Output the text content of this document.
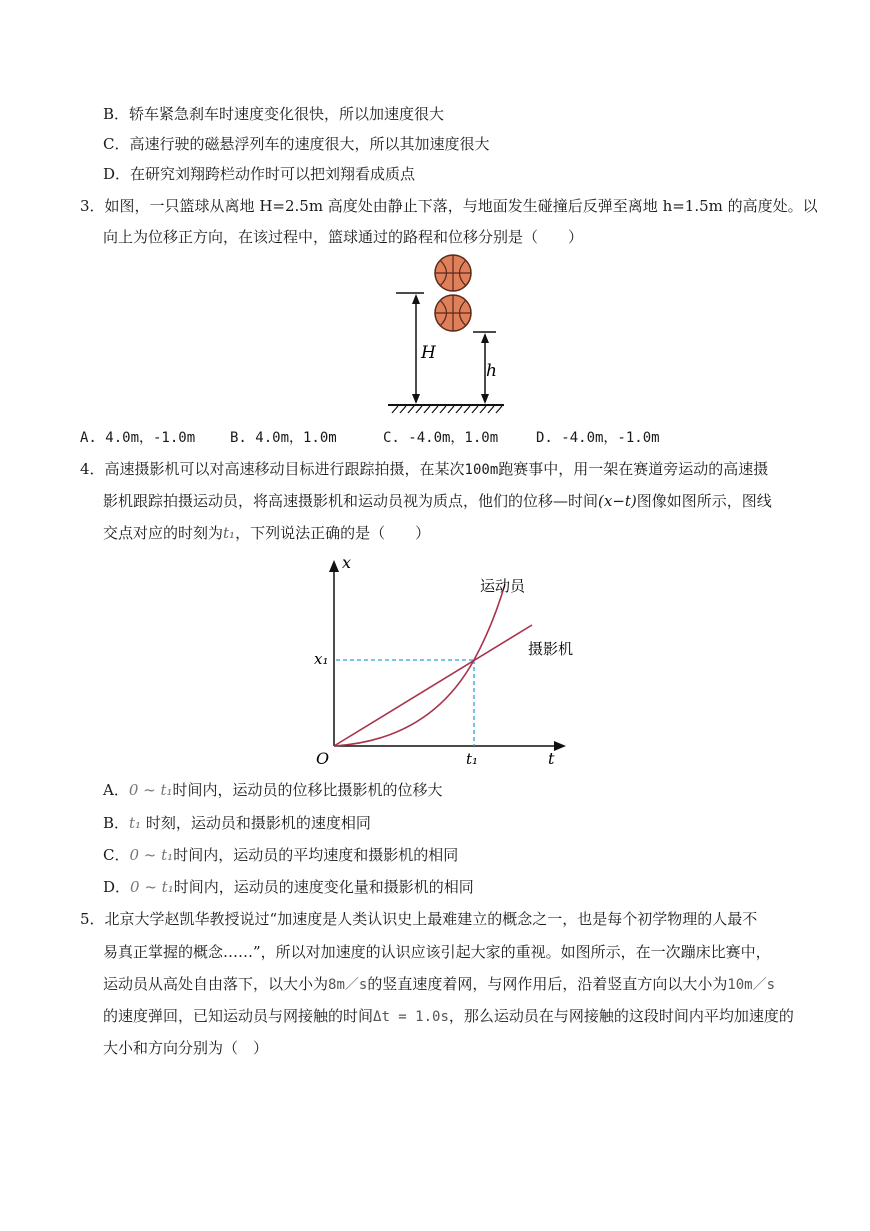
B．轿车紧急刹车时速度变化很快，所以加速度很大
C．高速行驶的磁悬浮列车的速度很大，所以其加速度很大
D．在研究刘翔跨栏动作时可以把刘翔看成质点
3．如图，一只篮球从离地 H=2.5m 高度处由静止下落，与地面发生碰撞后反弹至离地 h=1.5m 的高度处。以
向上为位移正方向，在该过程中，篮球通过的路程和位移分别是（　　）
H
h
A. 4.0m，-1.0m B. 4.0m，1.0m	C. -4.0m，1.0m	D. -4.0m，-1.0m
4．高速摄影机可以对高速移动目标进行跟踪拍摄，在某次100m跑赛事中，用一架在赛道旁运动的高速摄
影机跟踪拍摄运动员，将高速摄影机和运动员视为质点，他们的位移—时间(x−t)图像如图所示，图线
交点对应的时刻为t₁，下列说法正确的是（　　）
x
t
O
运动员
摄影机
x₁
t₁
A．0 ~ t₁时间内，运动员的位移比摄影机的位移大
B．t₁ 时刻，运动员和摄影机的速度相同
C．0 ~ t₁时间内，运动员的平均速度和摄影机的相同
D．0 ~ t₁时间内，运动员的速度变化量和摄影机的相同
5．北京大学赵凯华教授说过“加速度是人类认识史上最难建立的概念之一，也是每个初学物理的人最不
易真正掌握的概念……”，所以对加速度的认识应该引起大家的重视。如图所示，在一次蹦床比赛中，
运动员从高处自由落下，以大小为8m／s的竖直速度着网，与网作用后，沿着竖直方向以大小为10m／s
的速度弹回，已知运动员与网接触的时间Δt = 1.0s，那么运动员在与网接触的这段时间内平均加速度的
大小和方向分别为（　）
